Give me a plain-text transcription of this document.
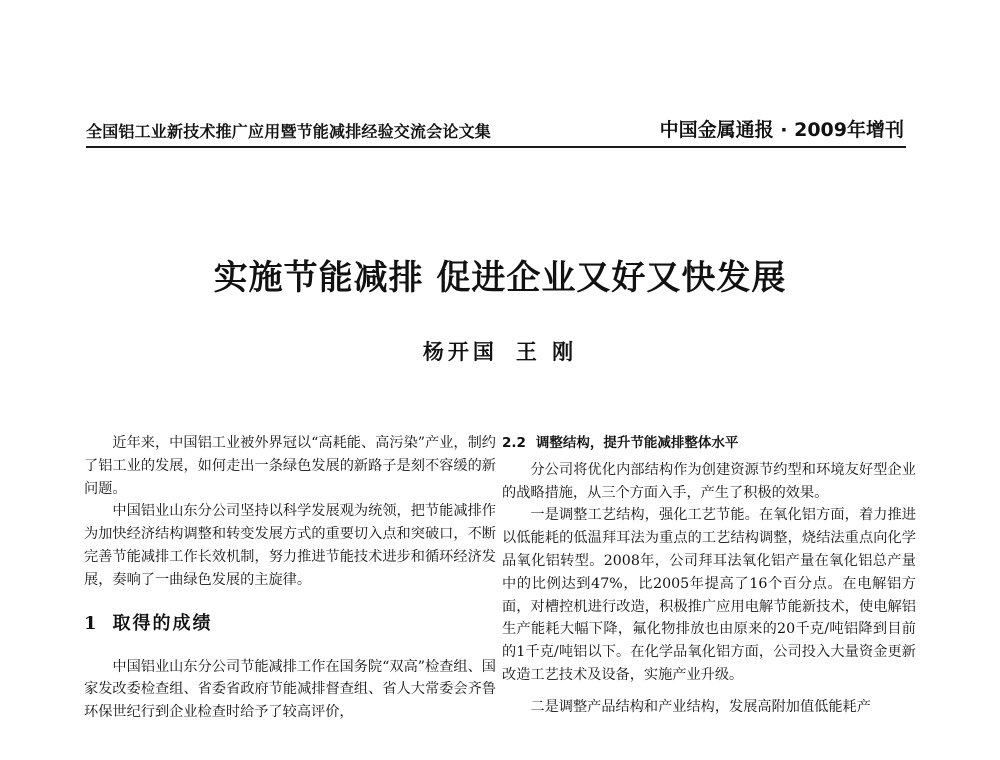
全国铝工业新技术推广应用暨节能减排经验交流会论文集	中国金属通报 · 2009年增刊
实施节能减排 促进企业又好又快发展
杨开国 王 刚

近年来，中国铝工业被外界冠以“高耗能、高污染”产业，制约了铝工业的发展，如何走出一条绿色发展的新路子是刻不容缓的新问题。

中国铝业山东分公司坚持以科学发展观为统领，把节能减排作为加快经济结构调整和转变发展方式的重要切入点和突破口，不断完善节能减排工作长效机制，努力推进节能技术进步和循环经济发展，奏响了一曲绿色发展的主旋律。

1 取得的成绩

中国铝业山东分公司节能减排工作在国务院“双高”检查组、国家发改委检查组、省委省政府节能减排督查组、省人大常委会齐鲁环保世纪行到企业检查时给予了较高评价，

2.2 调整结构，提升节能减排整体水平

分公司将优化内部结构作为创建资源节约型和环境友好型企业的战略措施，从三个方面入手，产生了积极的效果。

一是调整工艺结构，强化工艺节能。在氧化铝方面，着力推进以低能耗的低温拜耳法为重点的工艺结构调整，烧结法重点向化学品氧化铝转型。2008年，公司拜耳法氧化铝产量在氧化铝总产量中的比例达到47%，比2005年提高了16个百分点。在电解铝方面，对槽控机进行改造，积极推广应用电解节能新技术，使电解铝生产能耗大幅下降，氟化物排放也由原来的20千克/吨铝降到目前的1千克/吨铝以下。在化学品氧化铝方面，公司投入大量资金更新改造工艺技术及设备，实施产业升级。

二是调整产品结构和产业结构，发展高附加值低能耗产
